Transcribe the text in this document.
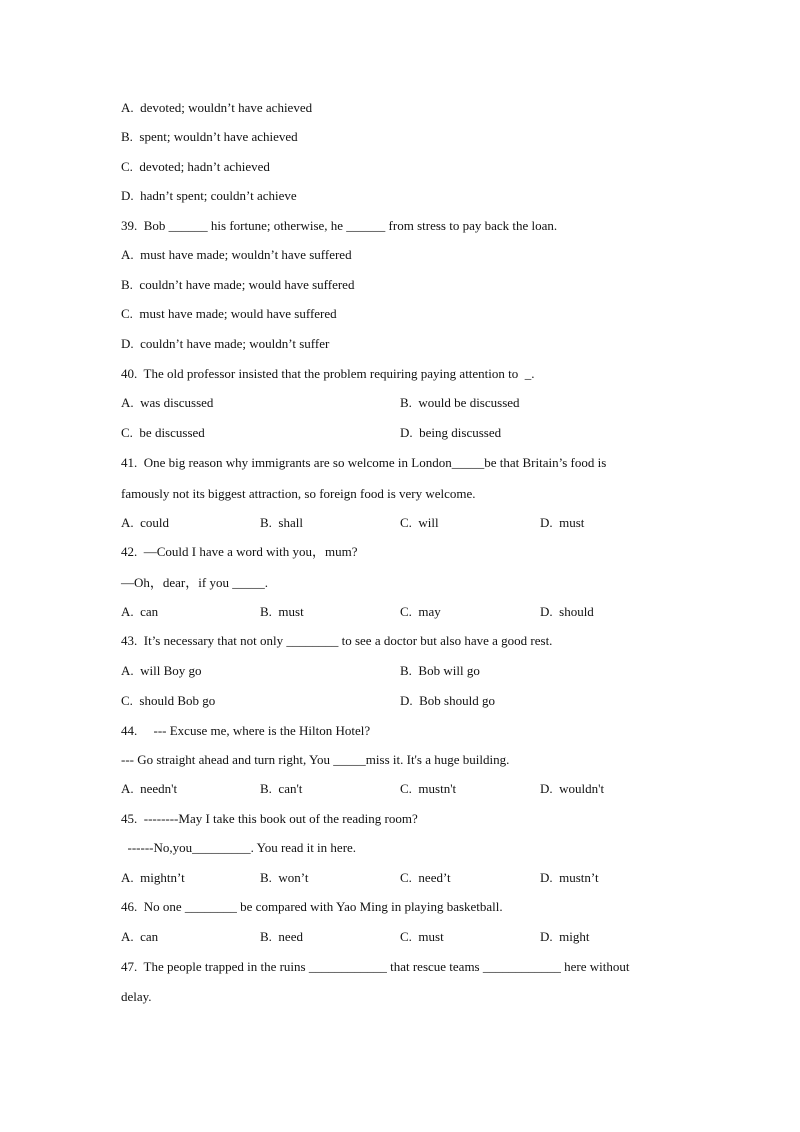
A.  devoted; wouldn’t have achieved
B.  spent; wouldn’t have achieved
C.  devoted; hadn’t achieved
D.  hadn’t spent; couldn’t achieve
39.  Bob ______ his fortune; otherwise, he ______ from stress to pay back the loan.
A.  must have made; wouldn’t have suffered
B.  couldn’t have made; would have suffered
C.  must have made; would have suffered
D.  couldn’t have made; wouldn’t suffer
40.  The old professor insisted that the problem requiring paying attention to  _.
A.  was discussed	B.  would be discussed
C.  be discussed	D.  being discussed
41.  One big reason why immigrants are so welcome in London_____be that Britain’s food is
famously not its biggest attraction, so foreign food is very welcome.
A.  could	B.  shall	C.  will	D.  must
42.  —Could I have a word with you，mum?
—Oh，dear，if you _____.
A.  can	B.  must	C.  may	D.  should
43.  It’s necessary that not only ________ to see a doctor but also have a good rest.
A.  will Boy go	B.  Bob will go
C.  should Bob go	D.  Bob should go
44.     --- Excuse me, where is the Hilton Hotel?
--- Go straight ahead and turn right, You _____miss it. It's a huge building.
A.  needn't	B.  can't	C.  mustn't	D.  wouldn't
45.  --------May I take this book out of the reading room?
------No,you_________. You read it in here.
A.  mightn’t	B.  won’t	C.  need’t	D.  mustn’t
46.  No one ________ be compared with Yao Ming in playing basketball.
A.  can	B.  need	C.  must	D.  might
47.  The people trapped in the ruins ____________ that rescue teams ____________ here without
delay.
